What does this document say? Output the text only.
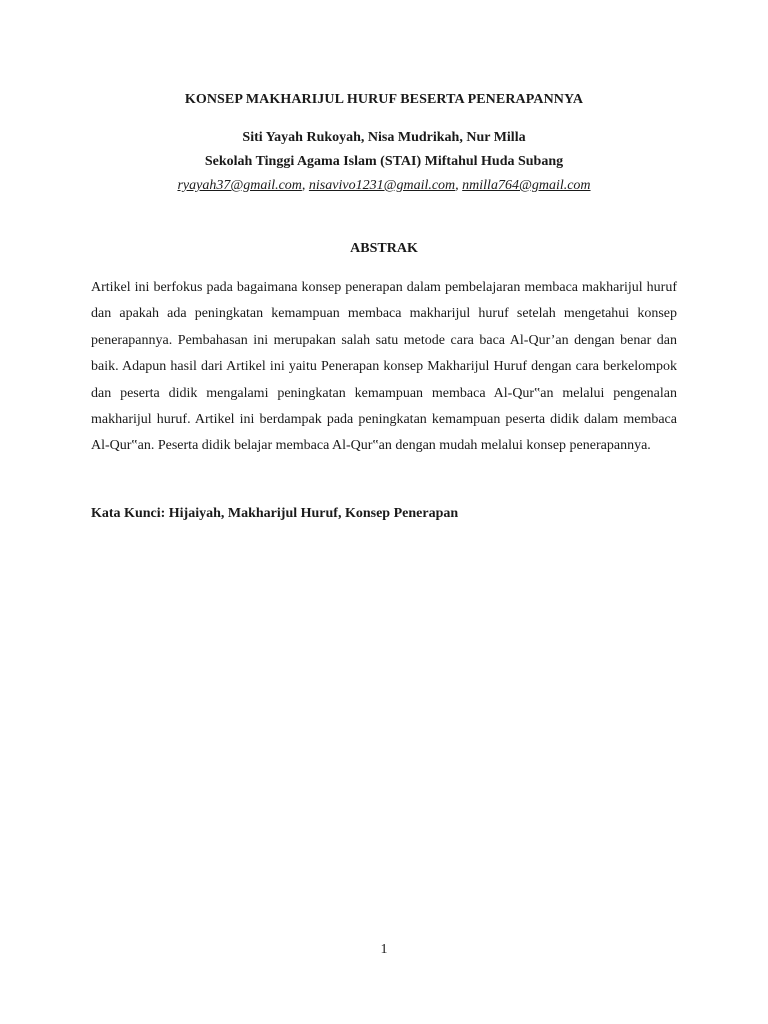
KONSEP MAKHARIJUL HURUF BESERTA PENERAPANNYA
Siti Yayah Rukoyah, Nisa Mudrikah, Nur Milla
Sekolah Tinggi Agama Islam (STAI) Miftahul Huda Subang
ryayah37@gmail.com, nisavivo1231@gmail.com, nmilla764@gmail.com
ABSTRAK

Artikel ini berfokus pada bagaimana konsep penerapan dalam pembelajaran membaca makharijul huruf dan apakah ada peningkatan kemampuan membaca makharijul huruf setelah mengetahui konsep penerapannya. Pembahasan ini merupakan salah satu metode cara baca Al-Qur’an dengan benar dan baik. Adapun hasil dari Artikel ini yaitu Penerapan konsep Makharijul Huruf dengan cara berkelompok dan peserta didik mengalami peningkatan kemampuan membaca Al-Qur‟an melalui pengenalan makharijul huruf. Artikel ini berdampak pada peningkatan kemampuan peserta didik dalam membaca Al-Qur‟an. Peserta didik belajar membaca Al-Qur‟an dengan mudah melalui konsep penerapannya.

Kata Kunci: Hijaiyah, Makharijul Huruf, Konsep Penerapan
1
